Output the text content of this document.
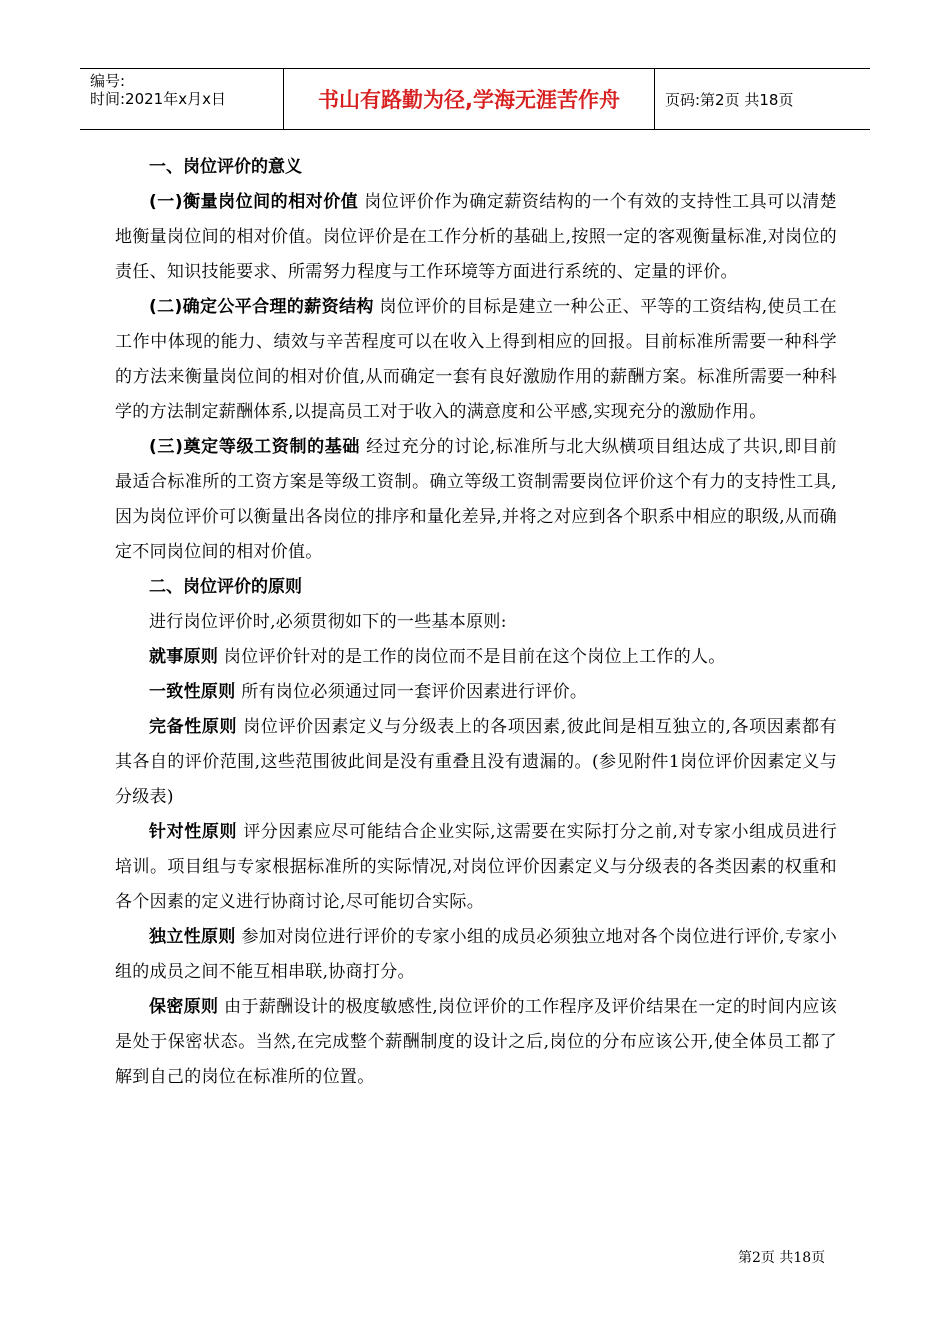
编号:
时间:2021年x月x日	书山有路勤为径,学海无涯苦作舟	页码:第2页 共18页

一、岗位评价的意义

(一)衡量岗位间的相对价值 岗位评价作为确定薪资结构的一个有效的支持性工具可以清楚地衡量岗位间的相对价值。岗位评价是在工作分析的基础上,按照一定的客观衡量标准,对岗位的责任、知识技能要求、所需努力程度与工作环境等方面进行系统的、定量的评价。

(二)确定公平合理的薪资结构 岗位评价的目标是建立一种公正、平等的工资结构,使员工在工作中体现的能力、绩效与辛苦程度可以在收入上得到相应的回报。目前标准所需要一种科学的方法来衡量岗位间的相对价值,从而确定一套有良好激励作用的薪酬方案。标准所需要一种科学的方法制定薪酬体系,以提高员工对于收入的满意度和公平感,实现充分的激励作用。

(三)奠定等级工资制的基础 经过充分的讨论,标准所与北大纵横项目组达成了共识,即目前最适合标准所的工资方案是等级工资制。确立等级工资制需要岗位评价这个有力的支持性工具,因为岗位评价可以衡量出各岗位的排序和量化差异,并将之对应到各个职系中相应的职级,从而确定不同岗位间的相对价值。

二、岗位评价的原则

进行岗位评价时,必须贯彻如下的一些基本原则:

就事原则 岗位评价针对的是工作的岗位而不是目前在这个岗位上工作的人。

一致性原则 所有岗位必须通过同一套评价因素进行评价。

完备性原则 岗位评价因素定义与分级表上的各项因素,彼此间是相互独立的,各项因素都有其各自的评价范围,这些范围彼此间是没有重叠且没有遗漏的。(参见附件1岗位评价因素定义与分级表)

针对性原则 评分因素应尽可能结合企业实际,这需要在实际打分之前,对专家小组成员进行培训。项目组与专家根据标准所的实际情况,对岗位评价因素定义与分级表的各类因素的权重和各个因素的定义进行协商讨论,尽可能切合实际。

独立性原则 参加对岗位进行评价的专家小组的成员必须独立地对各个岗位进行评价,专家小组的成员之间不能互相串联,协商打分。

保密原则 由于薪酬设计的极度敏感性,岗位评价的工作程序及评价结果在一定的时间内应该是处于保密状态。当然,在完成整个薪酬制度的设计之后,岗位的分布应该公开,使全体员工都了解到自己的岗位在标准所的位置。

第2页 共18页
